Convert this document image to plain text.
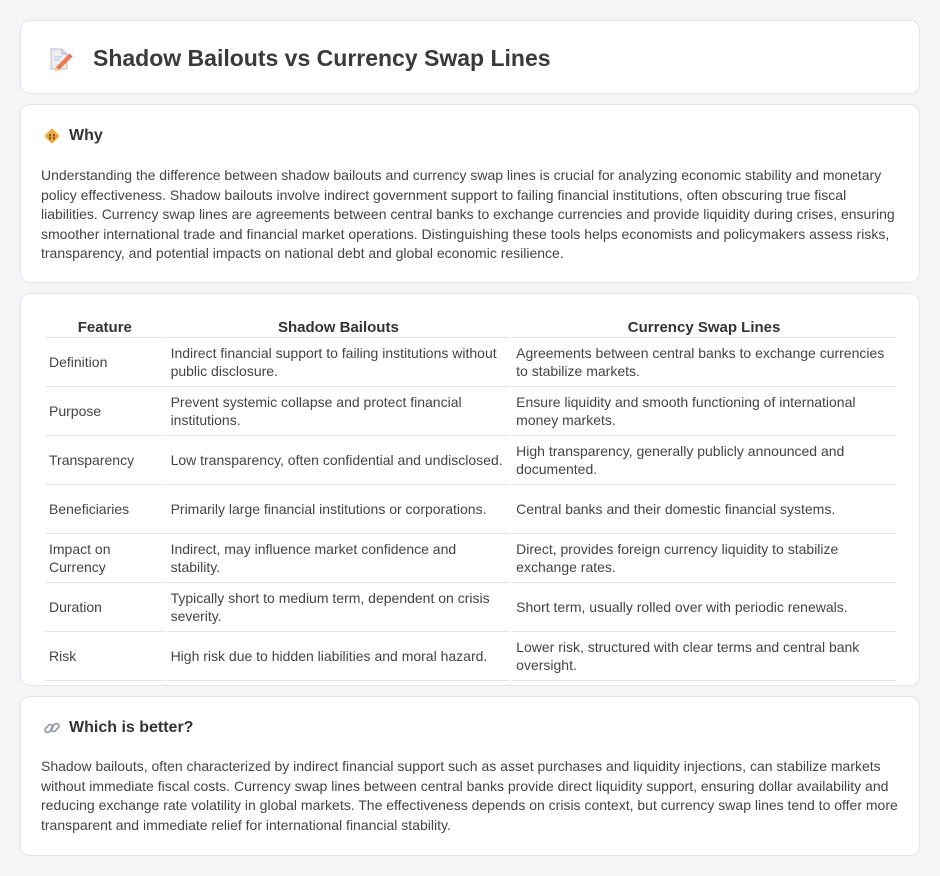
Shadow Bailouts vs Currency Swap Lines
Why

Understanding the difference between shadow bailouts and currency swap lines is crucial for analyzing economic stability and monetary policy effectiveness. Shadow bailouts involve indirect government support to failing financial institutions, often obscuring true fiscal liabilities. Currency swap lines are agreements between central banks to exchange currencies and provide liquidity during crises, ensuring smoother international trade and financial market operations. Distinguishing these tools helps economists and policymakers assess risks, transparency, and potential impacts on national debt and global economic resilience.

Feature	Shadow Bailouts	Currency Swap Lines
Definition	Indirect financial support to failing institutions without public disclosure.	Agreements between central banks to exchange currencies to stabilize markets.
Purpose	Prevent systemic collapse and protect financial institutions.	Ensure liquidity and smooth functioning of international money markets.
Transparency	Low transparency, often confidential and undisclosed.	High transparency, generally publicly announced and documented.
Beneficiaries	Primarily large financial institutions or corporations.	Central banks and their domestic financial systems.
Impact on Currency	Indirect, may influence market confidence and stability.	Direct, provides foreign currency liquidity to stabilize exchange rates.
Duration	Typically short to medium term, dependent on crisis severity.	Short term, usually rolled over with periodic renewals.
Risk	High risk due to hidden liabilities and moral hazard.	Lower risk, structured with clear terms and central bank oversight.
Which is better?

Shadow bailouts, often characterized by indirect financial support such as asset purchases and liquidity injections, can stabilize markets without immediate fiscal costs. Currency swap lines between central banks provide direct liquidity support, ensuring dollar availability and reducing exchange rate volatility in global markets. The effectiveness depends on crisis context, but currency swap lines tend to offer more transparent and immediate relief for international financial stability.
